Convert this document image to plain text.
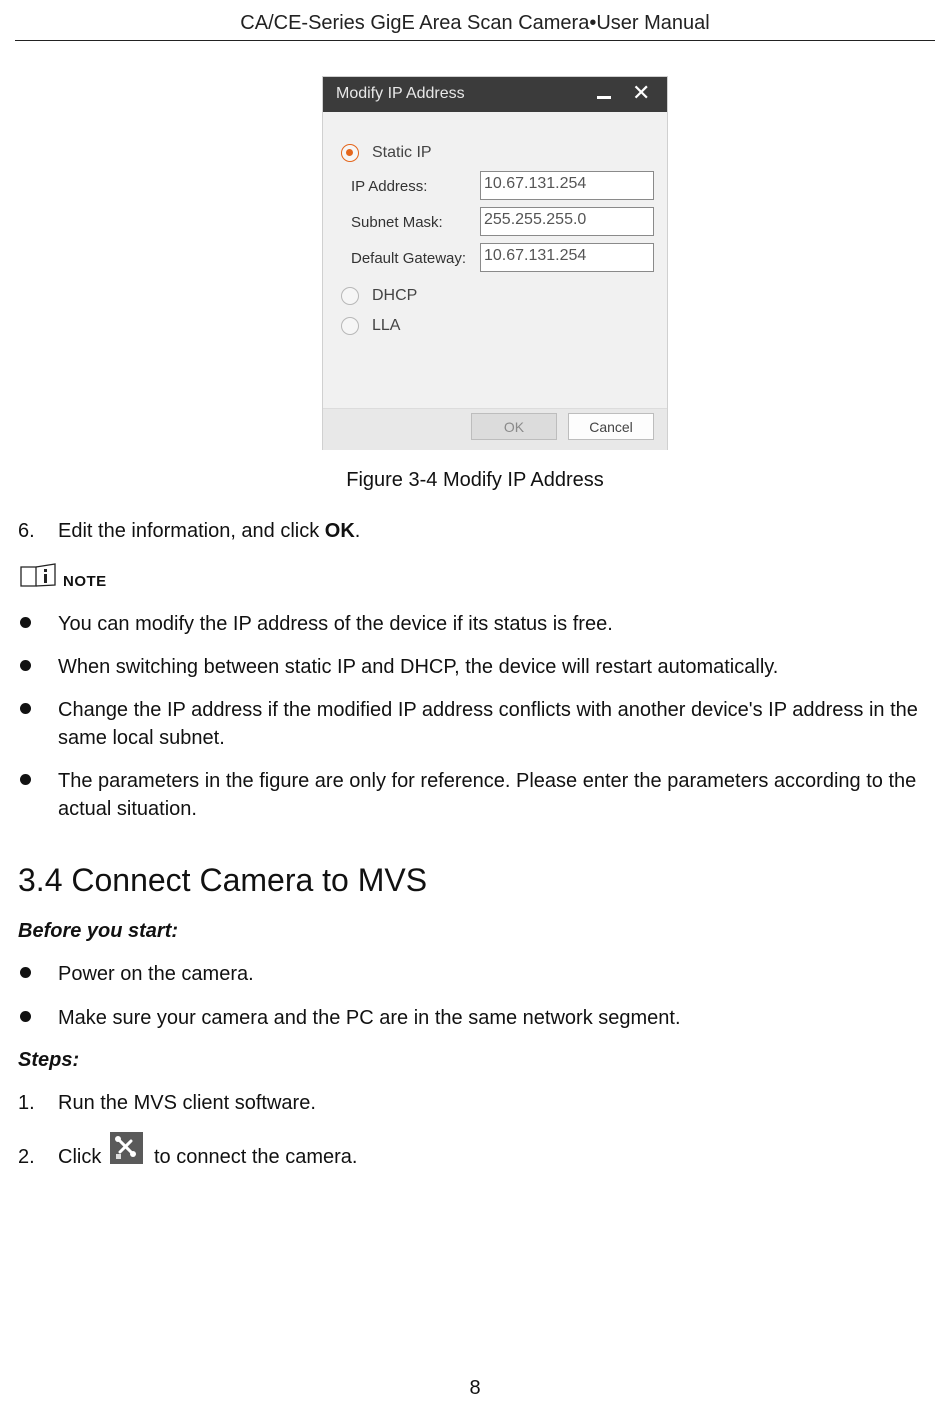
CA/CE-Series GigE Area Scan Camera•User Manual
Modify IP Address	✕
Static IP
IP Address:	10.67.131.254
Subnet Mask:	255.255.255.0
Default Gateway: 10.67.131.254
DHCP
LLA
OK	Cancel
Figure 3-4 Modify IP Address
6. Edit the information, and click OK.
NOTE
You can modify the IP address of the device if its status is free.
When switching between static IP and DHCP, the device will restart automatically.
Change the IP address if the modified IP address conflicts with another device's IP address in the same local subnet.
The parameters in the figure are only for reference. Please enter the parameters according to the actual situation.
3.4 Connect Camera to MVS
Before you start:
Power on the camera.
Make sure your camera and the PC are in the same network segment.
Steps:
1. Run the MVS client software.
2. Click	to connect the camera.
8
